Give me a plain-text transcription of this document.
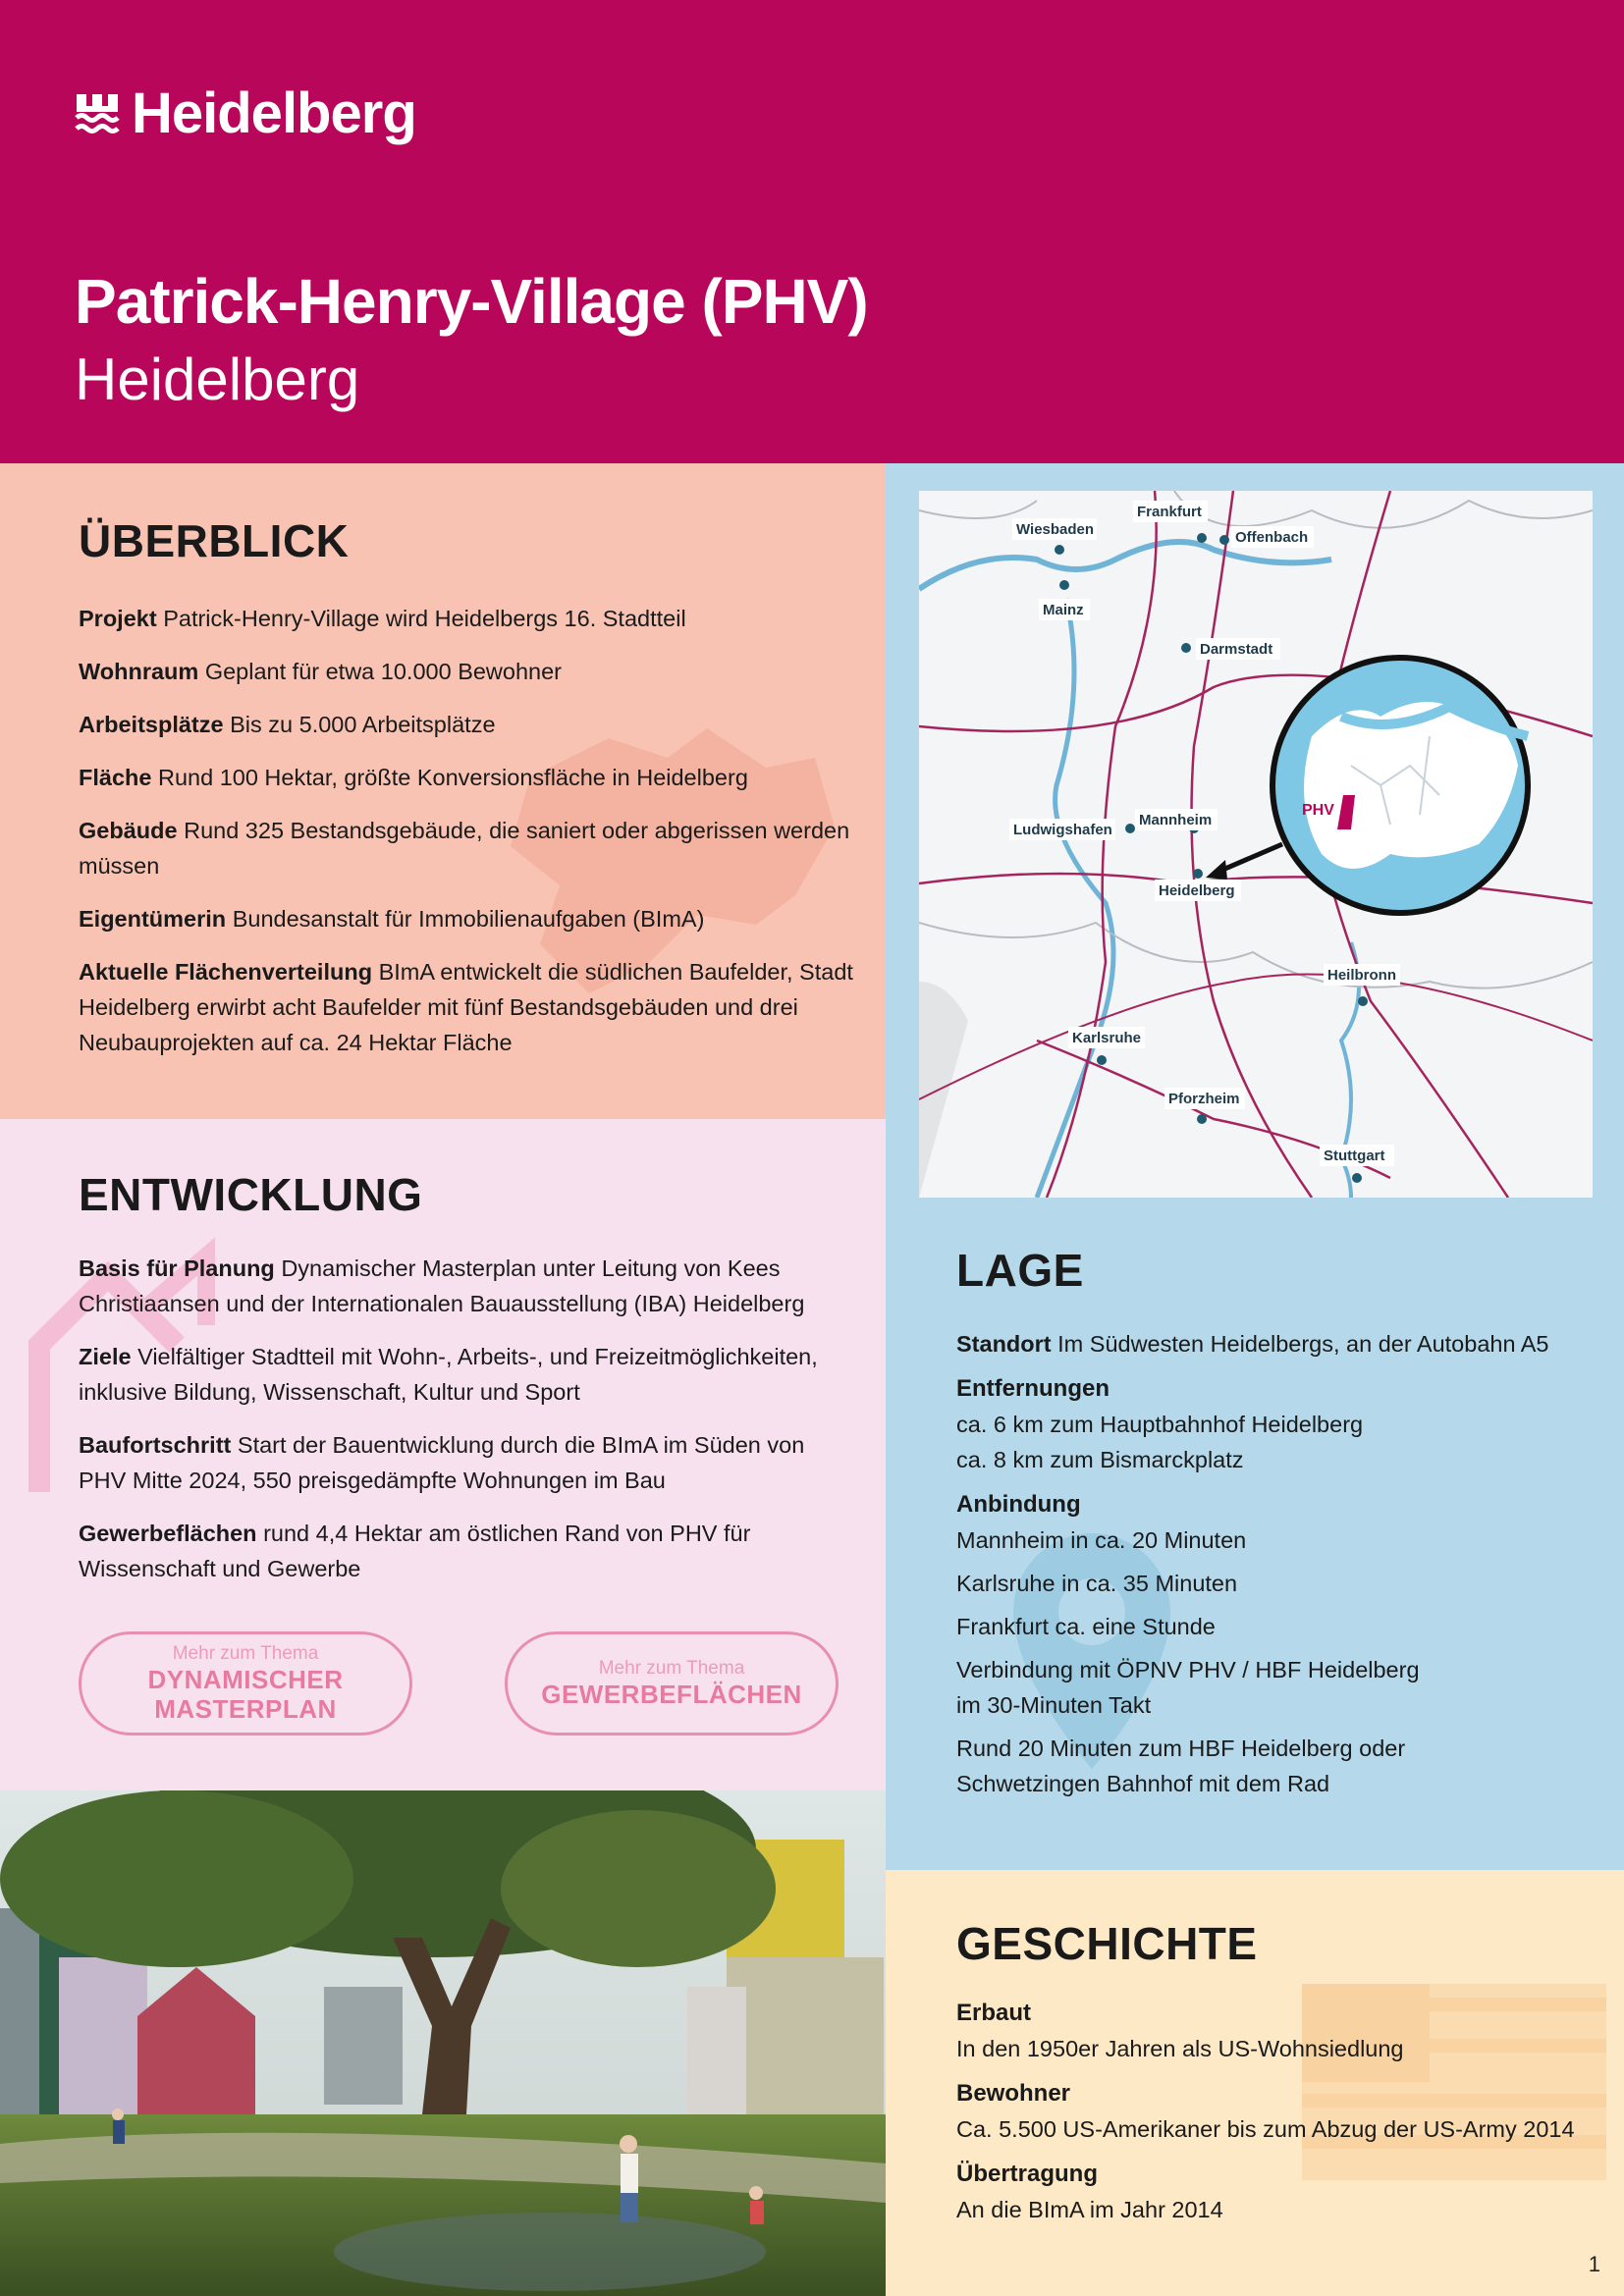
Heidelberg
Patrick-Henry-Village (PHV)
Heidelberg
ÜBERBLICK
Projekt Patrick-Henry-Village wird Heidelbergs 16. Stadtteil
Wohnraum Geplant für etwa 10.000 Bewohner
Arbeitsplätze Bis zu 5.000 Arbeitsplätze
Fläche Rund 100 Hektar, größte Konversionsfläche in Heidelberg
Gebäude Rund 325 Bestandsgebäude, die saniert oder abgerissen werden müssen
Eigentümerin Bundesanstalt für Immobilienaufgaben (BImA)
Aktuelle Flächenverteilung BImA entwickelt die südlichen Baufelder, Stadt Heidelberg erwirbt acht Baufelder mit fünf Bestandsgebäuden und drei Neubauprojekten auf ca. 24 Hektar Fläche
ENTWICKLUNG
Basis für Planung Dynamischer Masterplan unter Leitung von Kees Christiaansen und der Internationalen Bauausstellung (IBA) Heidelberg
Ziele Vielfältiger Stadtteil mit Wohn-, Arbeits-, und Freizeitmöglichkeiten, inklusive Bildung, Wissenschaft, Kultur und Sport
Baufortschritt Start der Bauentwicklung durch die BImA im Süden von PHV Mitte 2024, 550 preisgedämpfte Wohnungen im Bau
Gewerbeflächen rund 4,4 Hektar am östlichen Rand von PHV für Wissenschaft und Gewerbe
Mehr zum Thema
DYNAMISCHER MASTERPLAN
Mehr zum Thema
GEWERBEFLÄCHEN
Frankfurt
Wiesbaden	Offenbach
Mainz
Darmstadt
Ludwigshafen
Mannheim
Heidelberg
Heilbronn
Karlsruhe
Pforzheim
Stuttgart
PHV
LAGE
Standort Im Südwesten Heidelbergs, an der Autobahn A5
Entfernungen
ca. 6 km zum Hauptbahnhof Heidelberg
ca. 8 km zum Bismarckplatz
Anbindung
Mannheim in ca. 20 Minuten
Karlsruhe in ca. 35 Minuten
Frankfurt ca. eine Stunde
Verbindung mit ÖPNV PHV / HBF Heidelberg im 30-Minuten Takt
Rund 20 Minuten zum HBF Heidelberg oder Schwetzingen Bahnhof mit dem Rad
GESCHICHTE
Erbaut
In den 1950er Jahren als US-Wohnsiedlung
Bewohner
Ca. 5.500 US-Amerikaner bis zum Abzug der US-Army 2014
Übertragung
An die BImA im Jahr 2014
1
